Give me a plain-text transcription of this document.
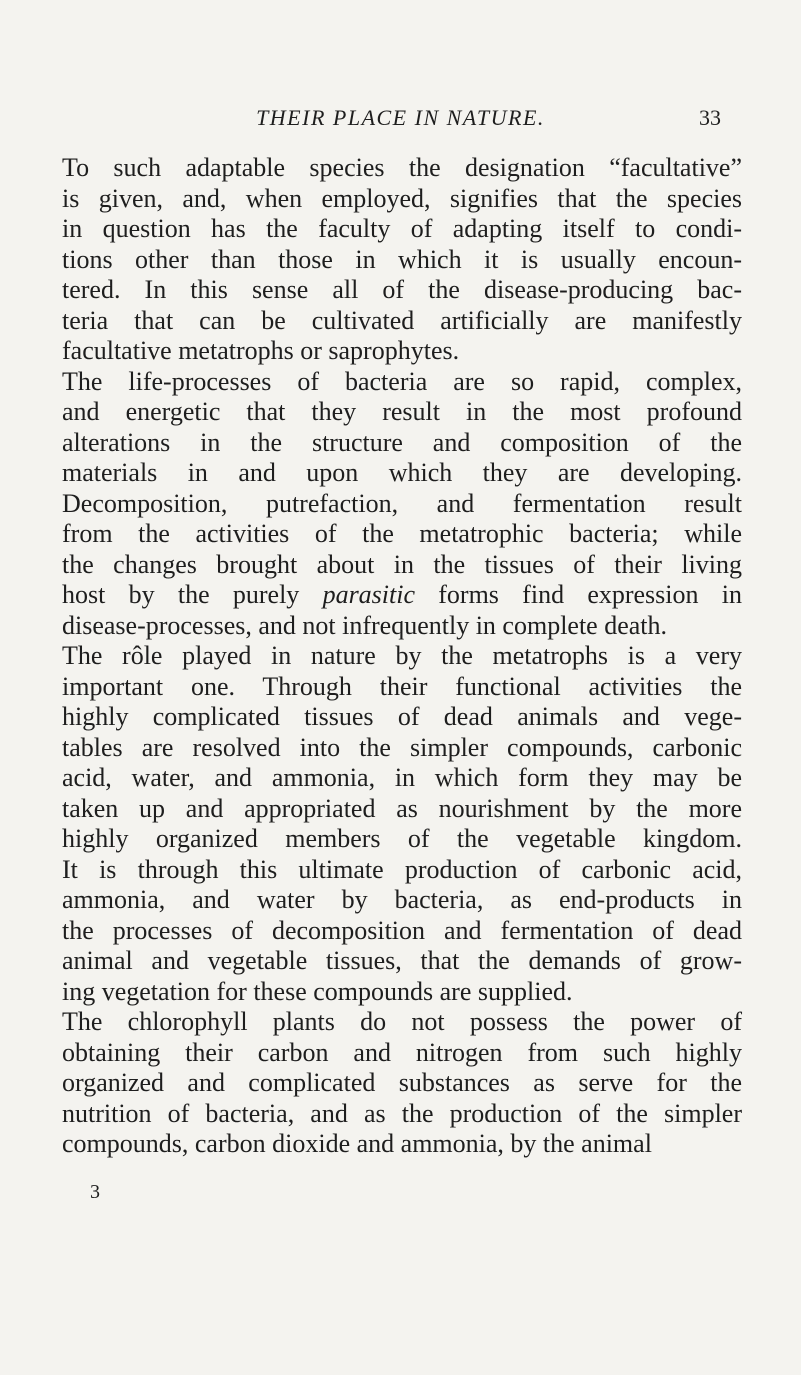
THEIR PLACE IN NATURE.	33

To such adaptable species the designation “facultative”
is given, and, when employed, signifies that the species
in question has the faculty of adapting itself to condi-
tions other than those in which it is usually encoun-
tered. In this sense all of the disease-producing bac-
teria that can be cultivated artificially are manifestly
facultative metatrophs or saprophytes.

The life-processes of bacteria are so rapid, complex,
and energetic that they result in the most profound
alterations in the structure and composition of the
materials in and upon which they are developing.
Decomposition, putrefaction, and fermentation result
from the activities of the metatrophic bacteria; while
the changes brought about in the tissues of their living
host by the purely parasitic forms find expression in
disease-processes, and not infrequently in complete death.

The rôle played in nature by the metatrophs is a very
important one. Through their functional activities the
highly complicated tissues of dead animals and vege-
tables are resolved into the simpler compounds, carbonic
acid, water, and ammonia, in which form they may be
taken up and appropriated as nourishment by the more
highly organized members of the vegetable kingdom.
It is through this ultimate production of carbonic acid,
ammonia, and water by bacteria, as end-products in
the processes of decomposition and fermentation of dead
animal and vegetable tissues, that the demands of grow-
ing vegetation for these compounds are supplied.

The chlorophyll plants do not possess the power of
obtaining their carbon and nitrogen from such highly
organized and complicated substances as serve for the
nutrition of bacteria, and as the production of the simpler
compounds, carbon dioxide and ammonia, by the animal

3
